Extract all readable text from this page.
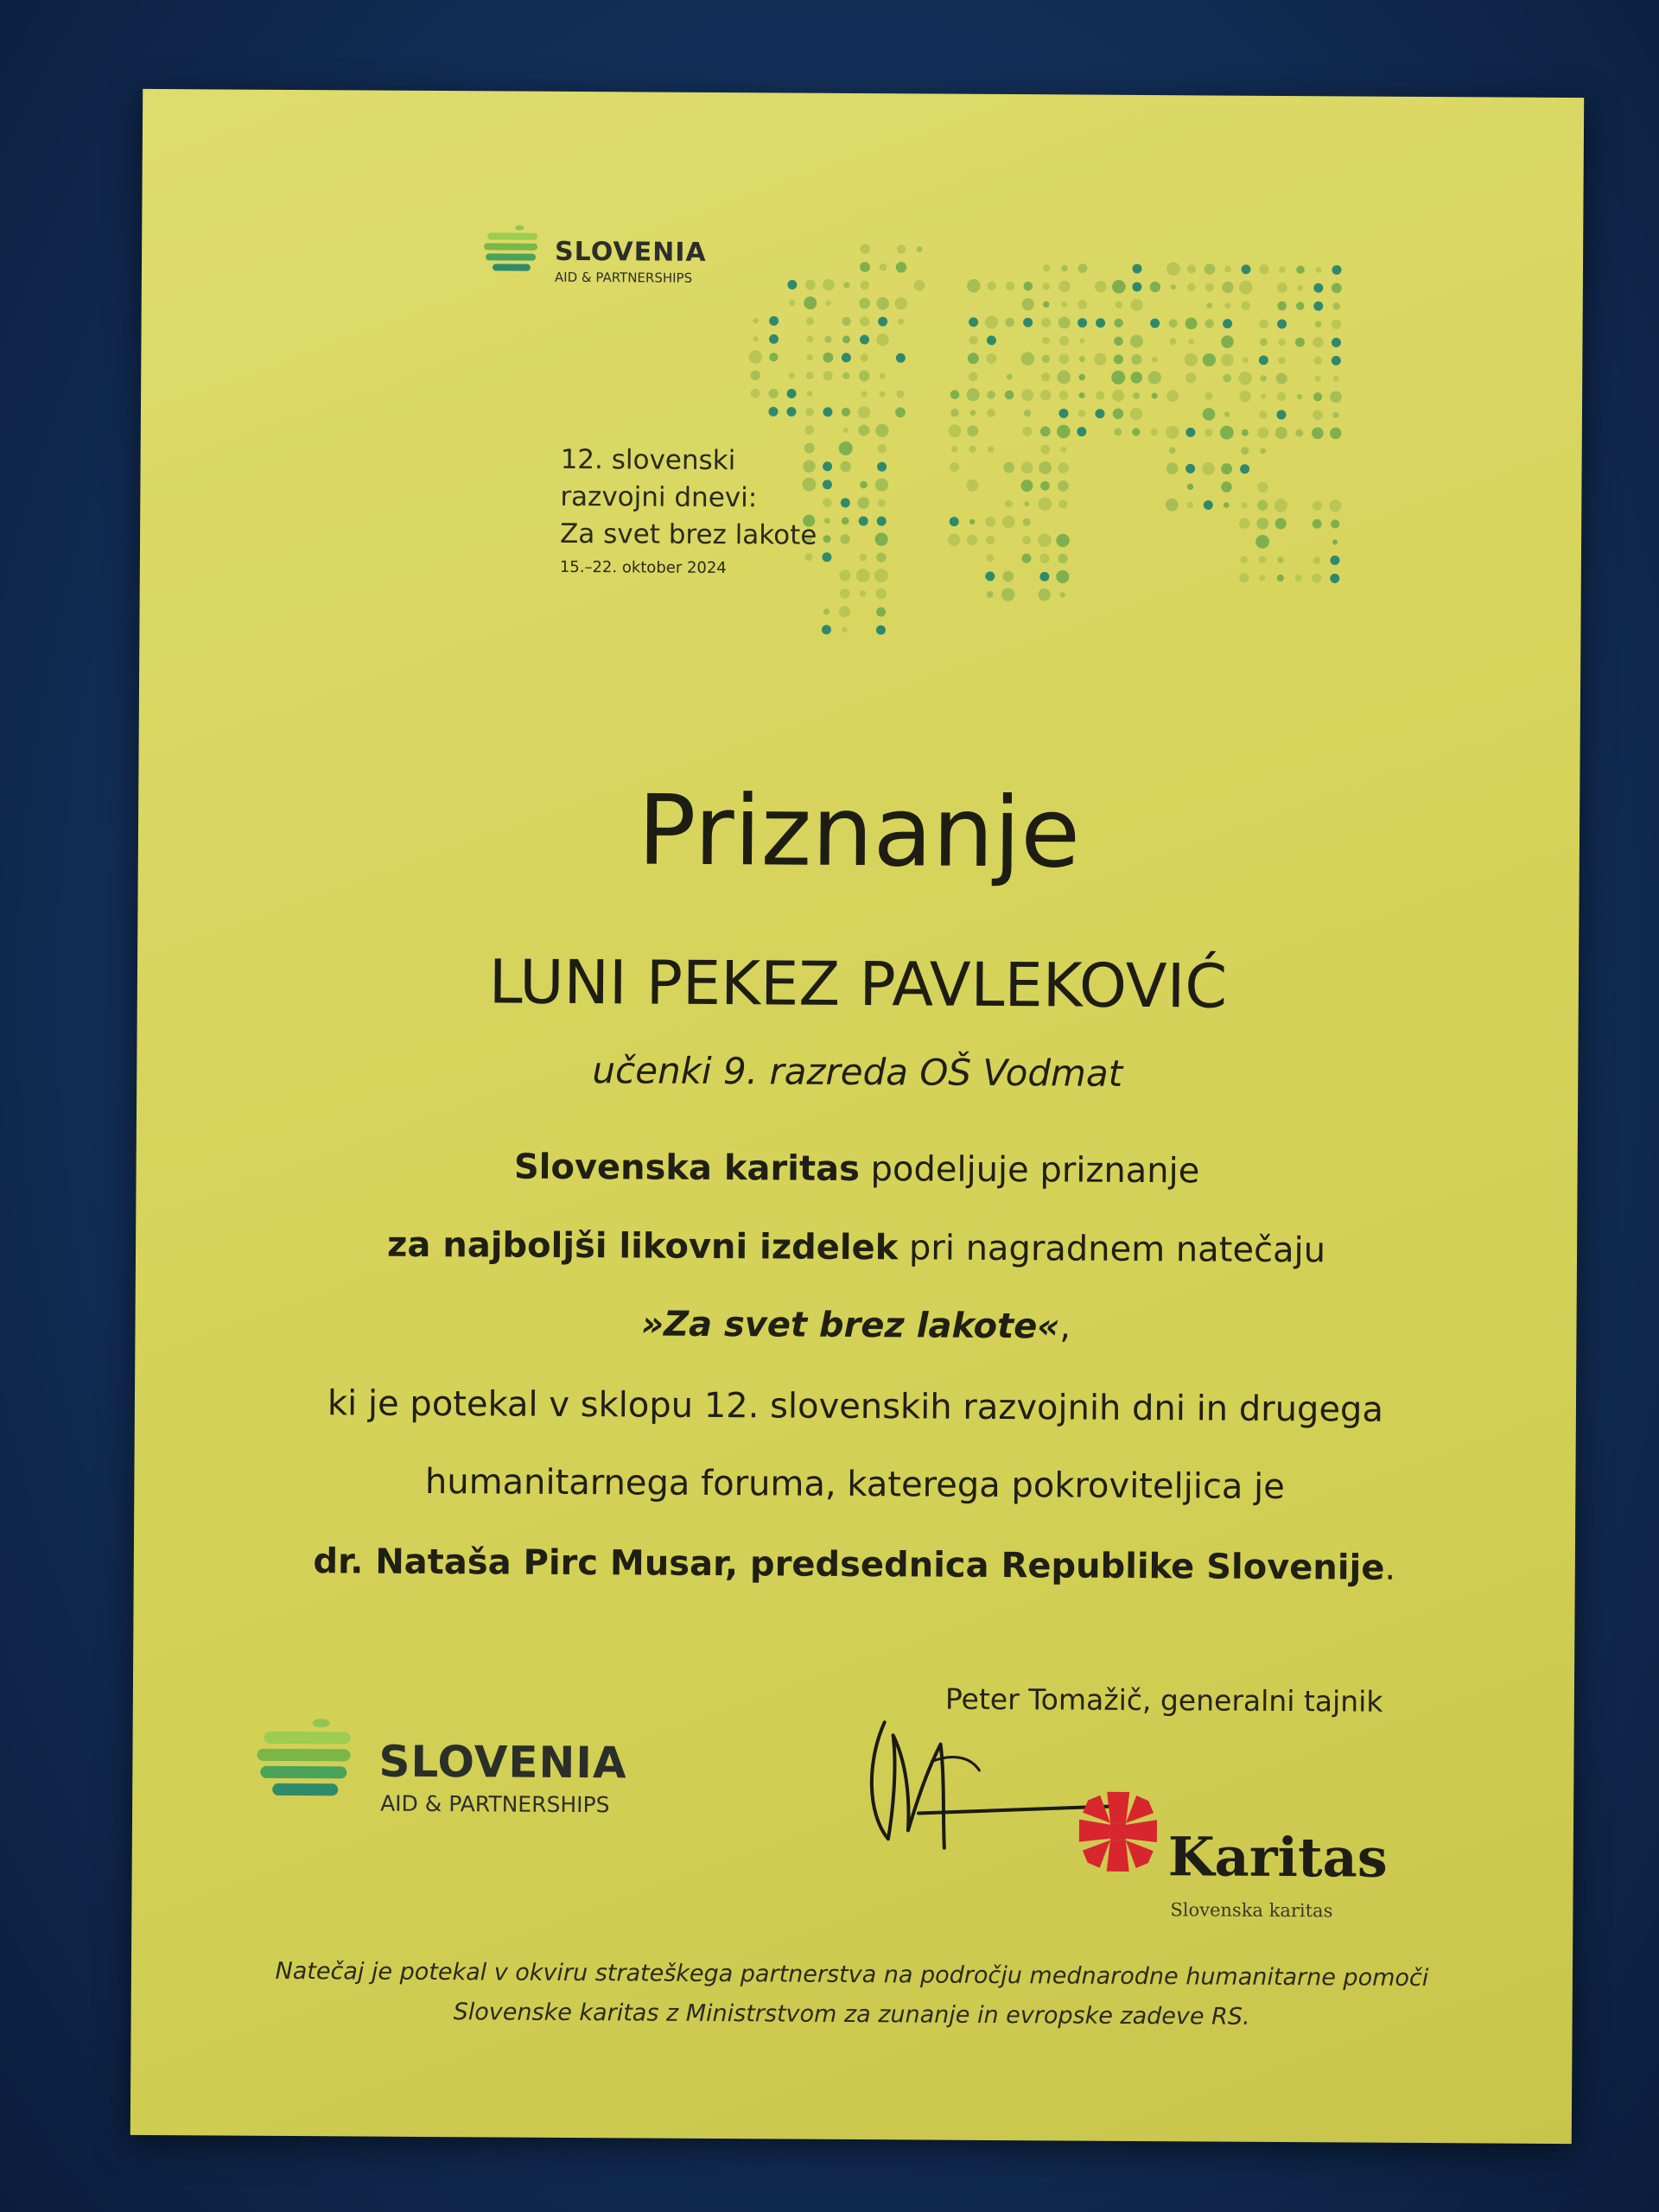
SLOVENIA
AID & PARTNERSHIPS
12. slovenski
razvojni dnevi:
Za svet brez lakote
15.–22. oktober 2024
Priznanje
LUNI PEKEZ PAVLEKOVIĆ
učenki 9. razreda OŠ Vodmat
Slovenska karitas podeljuje priznanje
za najboljši likovni izdelek pri nagradnem natečaju
»Za svet brez lakote«,
ki je potekal v sklopu 12. slovenskih razvojnih dni in drugega
humanitarnega foruma, katerega pokroviteljica je
dr. Nataša Pirc Musar, predsednica Republike Slovenije.
Peter Tomažič, generalni tajnik
SLOVENIA
AID & PARTNERSHIPS
Karitas
Slovenska karitas
Natečaj je potekal v okviru strateškega partnerstva na področju mednarodne humanitarne pomoči
Slovenske karitas z Ministrstvom za zunanje in evropske zadeve RS.
